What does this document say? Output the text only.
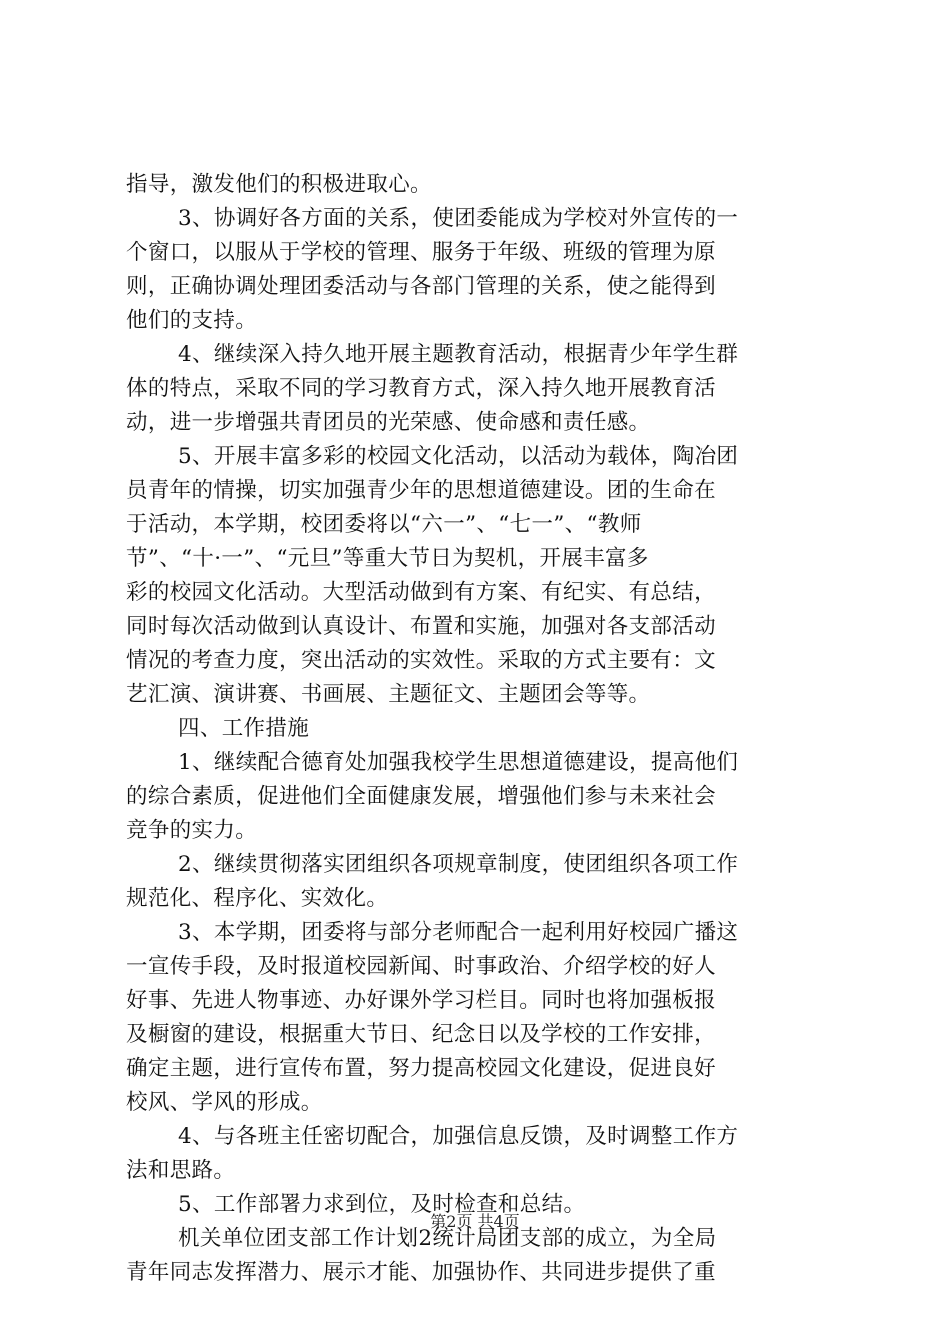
指导，激发他们的积极进取心。
3、协调好各方面的关系，使团委能成为学校对外宣传的一
个窗口，以服从于学校的管理、服务于年级、班级的管理为原
则，正确协调处理团委活动与各部门管理的关系，使之能得到
他们的支持。
4、继续深入持久地开展主题教育活动，根据青少年学生群
体的特点，采取不同的学习教育方式，深入持久地开展教育活
动，进一步增强共青团员的光荣感、使命感和责任感。
5、开展丰富多彩的校园文化活动，以活动为载体，陶冶团
员青年的情操，切实加强青少年的思想道德建设。团的生命在
于活动，本学期，校团委将以“六一”、“七一”、“教师
节”、“十·一”、“元旦”等重大节日为契机，开展丰富多
彩的校园文化活动。大型活动做到有方案、有纪实、有总结，
同时每次活动做到认真设计、布置和实施，加强对各支部活动
情况的考查力度，突出活动的实效性。采取的方式主要有：文
艺汇演、演讲赛、书画展、主题征文、主题团会等等。
四、工作措施
1、继续配合德育处加强我校学生思想道德建设，提高他们
的综合素质，促进他们全面健康发展，增强他们参与未来社会
竞争的实力。
2、继续贯彻落实团组织各项规章制度，使团组织各项工作
规范化、程序化、实效化。
3、本学期，团委将与部分老师配合一起利用好校园广播这
一宣传手段，及时报道校园新闻、时事政治、介绍学校的好人
好事、先进人物事迹、办好课外学习栏目。同时也将加强板报
及橱窗的建设，根据重大节日、纪念日以及学校的工作安排，
确定主题，进行宣传布置，努力提高校园文化建设，促进良好
校风、学风的形成。
4、与各班主任密切配合，加强信息反馈，及时调整工作方
法和思路。
5、工作部署力求到位，及时检查和总结。
机关单位团支部工作计划2统计局团支部的成立，为全局
青年同志发挥潜力、展示才能、加强协作、共同进步提供了重
第2页 共4页
